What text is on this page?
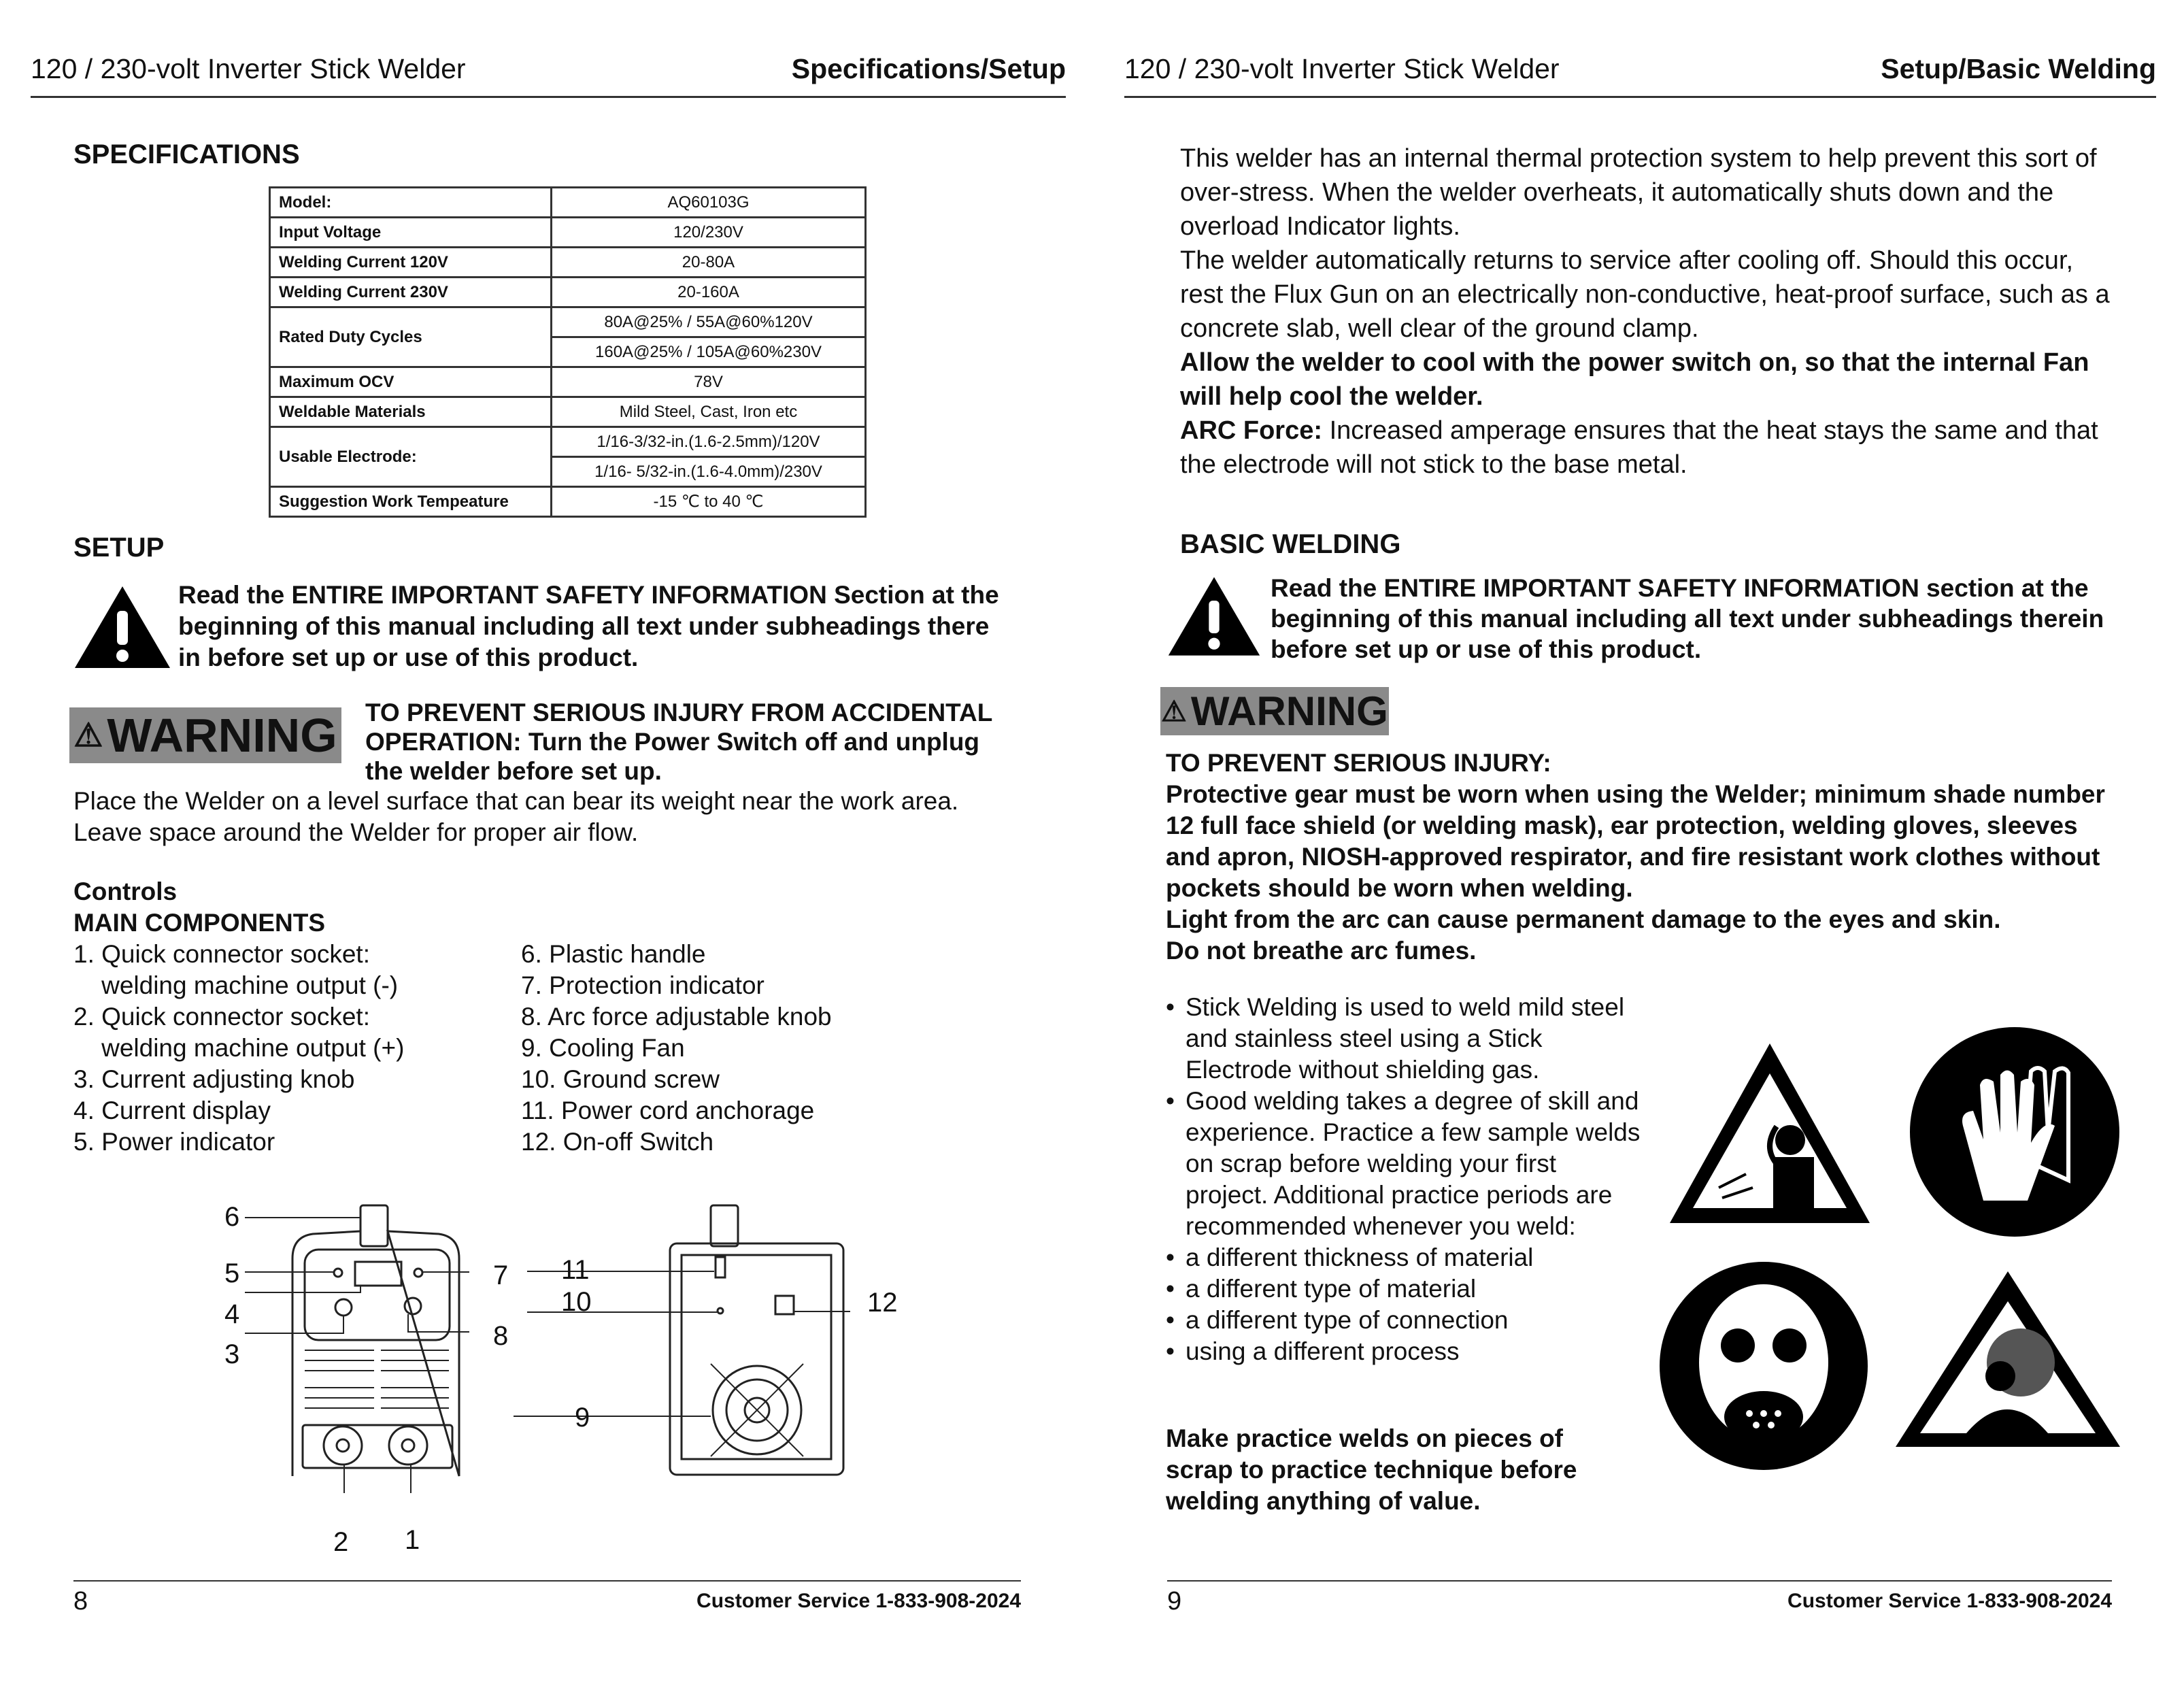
120 / 230-volt Inverter Stick Welder	Specifications/Setup
SPECIFICATIONS
Model:	AQ60103G
Input Voltage	120/230V
Welding Current 120V	20-80A
Welding Current 230V	20-160A
Rated Duty Cycles	80A@25% / 55A@60%120V
	160A@25% / 105A@60%230V
Maximum OCV	78V
Weldable Materials	Mild Steel, Cast, Iron etc
Usable Electrode:	1/16-3/32-in.(1.6-2.5mm)/120V
	1/16- 5/32-in.(1.6-4.0mm)/230V
Suggestion Work Tempeature	-15 ℃ to 40 ℃
SETUP
Read the ENTIRE IMPORTANT SAFETY INFORMATION Section at the beginning of this manual including all text under subheadings there in before set up or use of this product.
⚠ WARNING TO PREVENT SERIOUS INJURY FROM ACCIDENTAL OPERATION: Turn the Power Switch off and unplug the welder before set up.
Place the Welder on a level surface that can bear its weight near the work area. Leave space around the Welder for proper air flow.
Controls
MAIN COMPONENTS
1. Quick connector socket:
welding machine output (-)
2. Quick connector socket:
welding machine output (+)
3. Current adjusting knob
4. Current display
5. Power indicator
6. Plastic handle
7. Protection indicator
8. Arc force adjustable knob
9. Cooling Fan
10. Ground screw
11. Power cord anchorage
12. On-off Switch
5
6
4
3
7
8
2 1
11
10	12
9
8	Customer Service 1-833-908-2024
120 / 230-volt Inverter Stick Welder	Setup/Basic Welding
This welder has an internal thermal protection system to help prevent this sort of over-stress. When the welder overheats, it automatically shuts down and the overload Indicator lights.
The welder automatically returns to service after cooling off. Should this occur, rest the Flux Gun on an electrically non-conductive, heat-proof surface, such as a concrete slab, well clear of the ground clamp.
Allow the welder to cool with the power switch on, so that the internal Fan will help cool the welder.
ARC Force: Increased amperage ensures that the heat stays the same and that the electrode will not stick to the base metal.
BASIC WELDING
Read the ENTIRE IMPORTANT SAFETY INFORMATION section at the beginning of this manual including all text under subheadings therein before set up or use of this product.
⚠ WARNING
TO PREVENT SERIOUS INJURY:
Protective gear must be worn when using the Welder; minimum shade number 12 full face shield (or welding mask), ear protection, welding gloves, sleeves and apron, NIOSH-approved respirator, and fire resistant work clothes without pockets should be worn when welding.
Light from the arc can cause permanent damage to the eyes and skin.
Do not breathe arc fumes.
• Stick Welding is used to weld mild steel and stainless steel using a Stick Electrode without shielding gas.
• Good welding takes a degree of skill and experience. Practice a few sample welds on scrap before welding your first project. Additional practice periods are recommended whenever you weld:
• a different thickness of material
• a different type of material
• a different type of connection
• using a different process
Make practice welds on pieces of scrap to practice technique before welding anything of value.
9	Customer Service 1-833-908-2024
